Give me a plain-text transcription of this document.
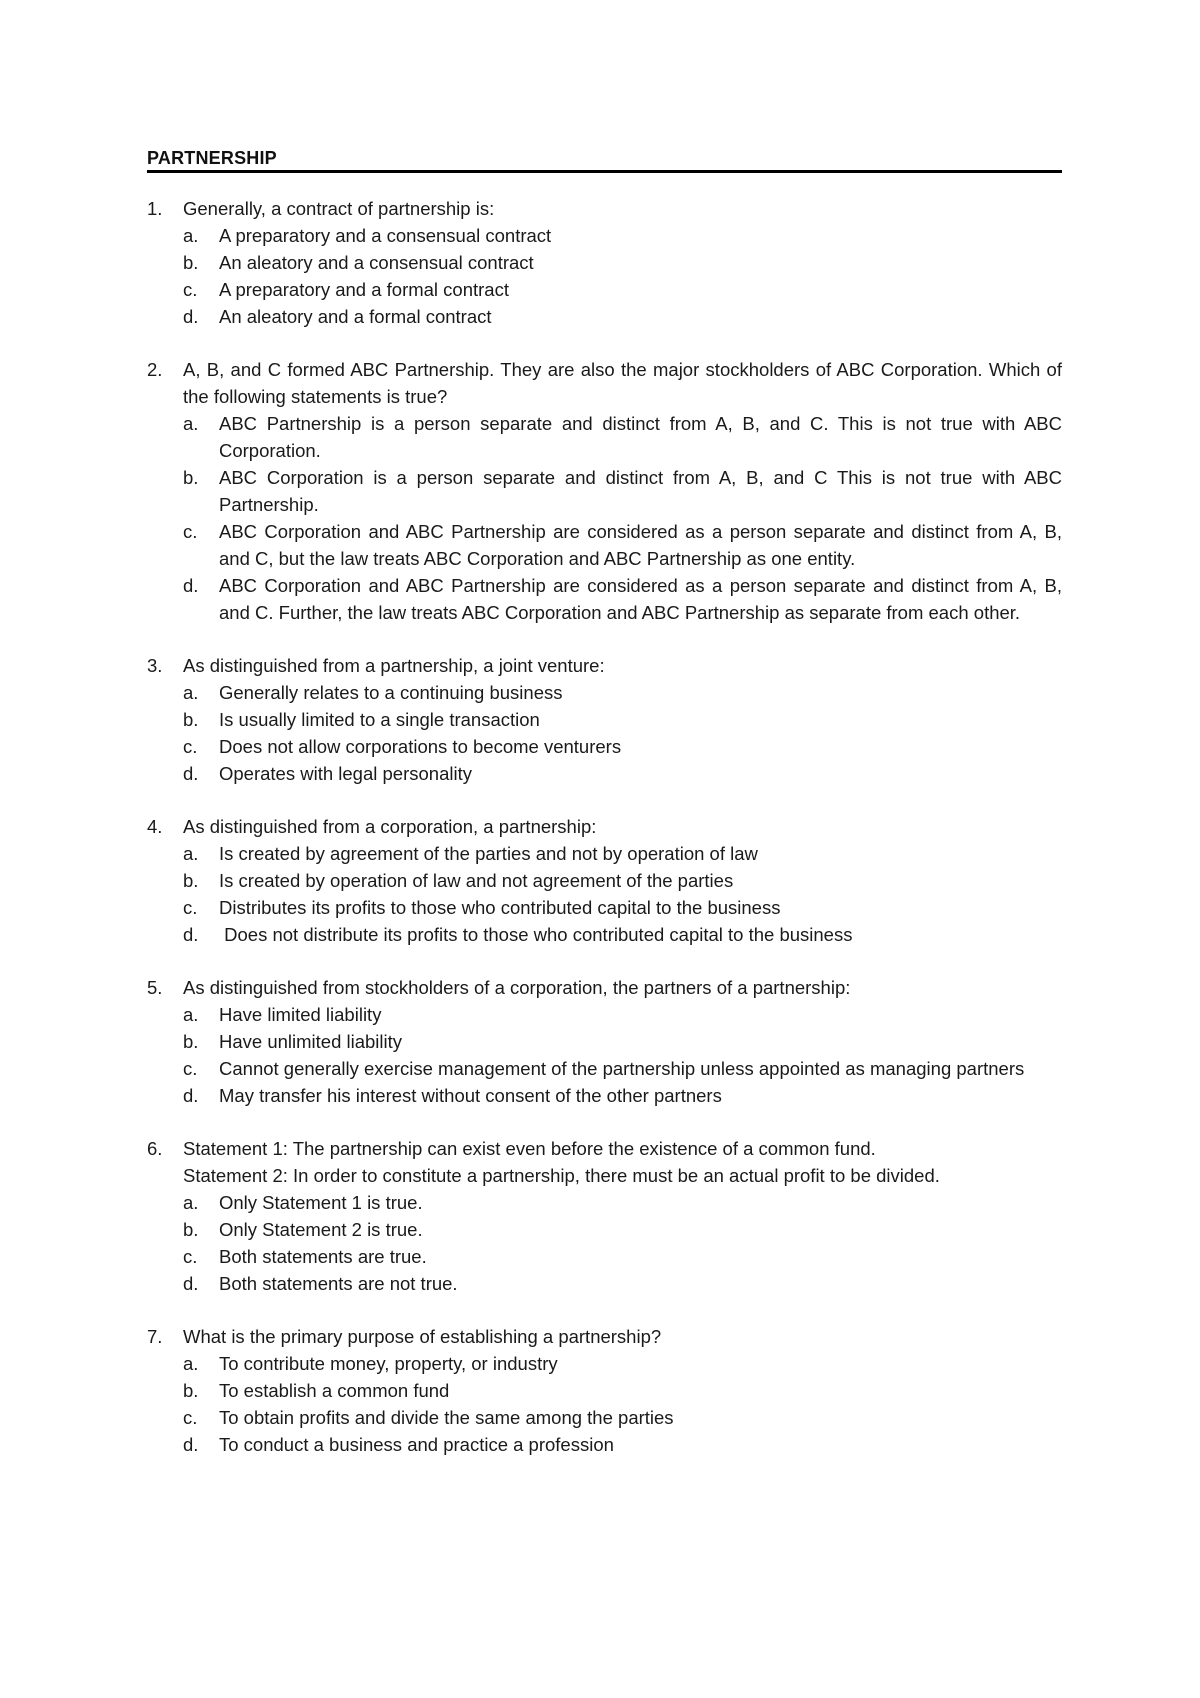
PARTNERSHIP
1.	Generally, a contract of partnership is:
a.	A preparatory and a consensual contract
b.	An aleatory and a consensual contract
c.	A preparatory and a formal contract
d.	An aleatory and a formal contract
2.	A, B, and C formed ABC Partnership. They are also the major stockholders of ABC Corporation. Which of the following statements is true?
a.	ABC Partnership is a person separate and distinct from A, B, and C. This is not true with ABC Corporation.
b.	ABC Corporation is a person separate and distinct from A, B, and C This is not true with ABC Partnership.
c.	ABC Corporation and ABC Partnership are considered as a person separate and distinct from A, B, and C, but the law treats ABC Corporation and ABC Partnership as one entity.
d.	ABC Corporation and ABC Partnership are considered as a person separate and distinct from A, B, and C. Further, the law treats ABC Corporation and ABC Partnership as separate from each other.
3.	As distinguished from a partnership, a joint venture:
a.	Generally relates to a continuing business
b.	Is usually limited to a single transaction
c.	Does not allow corporations to become venturers
d.	Operates with legal personality
4.	As distinguished from a corporation, a partnership:
a.	Is created by agreement of the parties and not by operation of law
b.	Is created by operation of law and not agreement of the parties
c.	Distributes its profits to those who contributed capital to the business
d.	Does not distribute its profits to those who contributed capital to the business
5.	As distinguished from stockholders of a corporation, the partners of a partnership:
a.	Have limited liability
b.	Have unlimited liability
c.	Cannot generally exercise management of the partnership unless appointed as managing partners
d.	May transfer his interest without consent of the other partners
6.	Statement 1: The partnership can exist even before the existence of a common fund.
Statement 2: In order to constitute a partnership, there must be an actual profit to be divided.
a.	Only Statement 1 is true.
b.	Only Statement 2 is true.
c.	Both statements are true.
d.	Both statements are not true.
7.	What is the primary purpose of establishing a partnership?
a.	To contribute money, property, or industry
b.	To establish a common fund
c.	To obtain profits and divide the same among the parties
d.	To conduct a business and practice a profession
